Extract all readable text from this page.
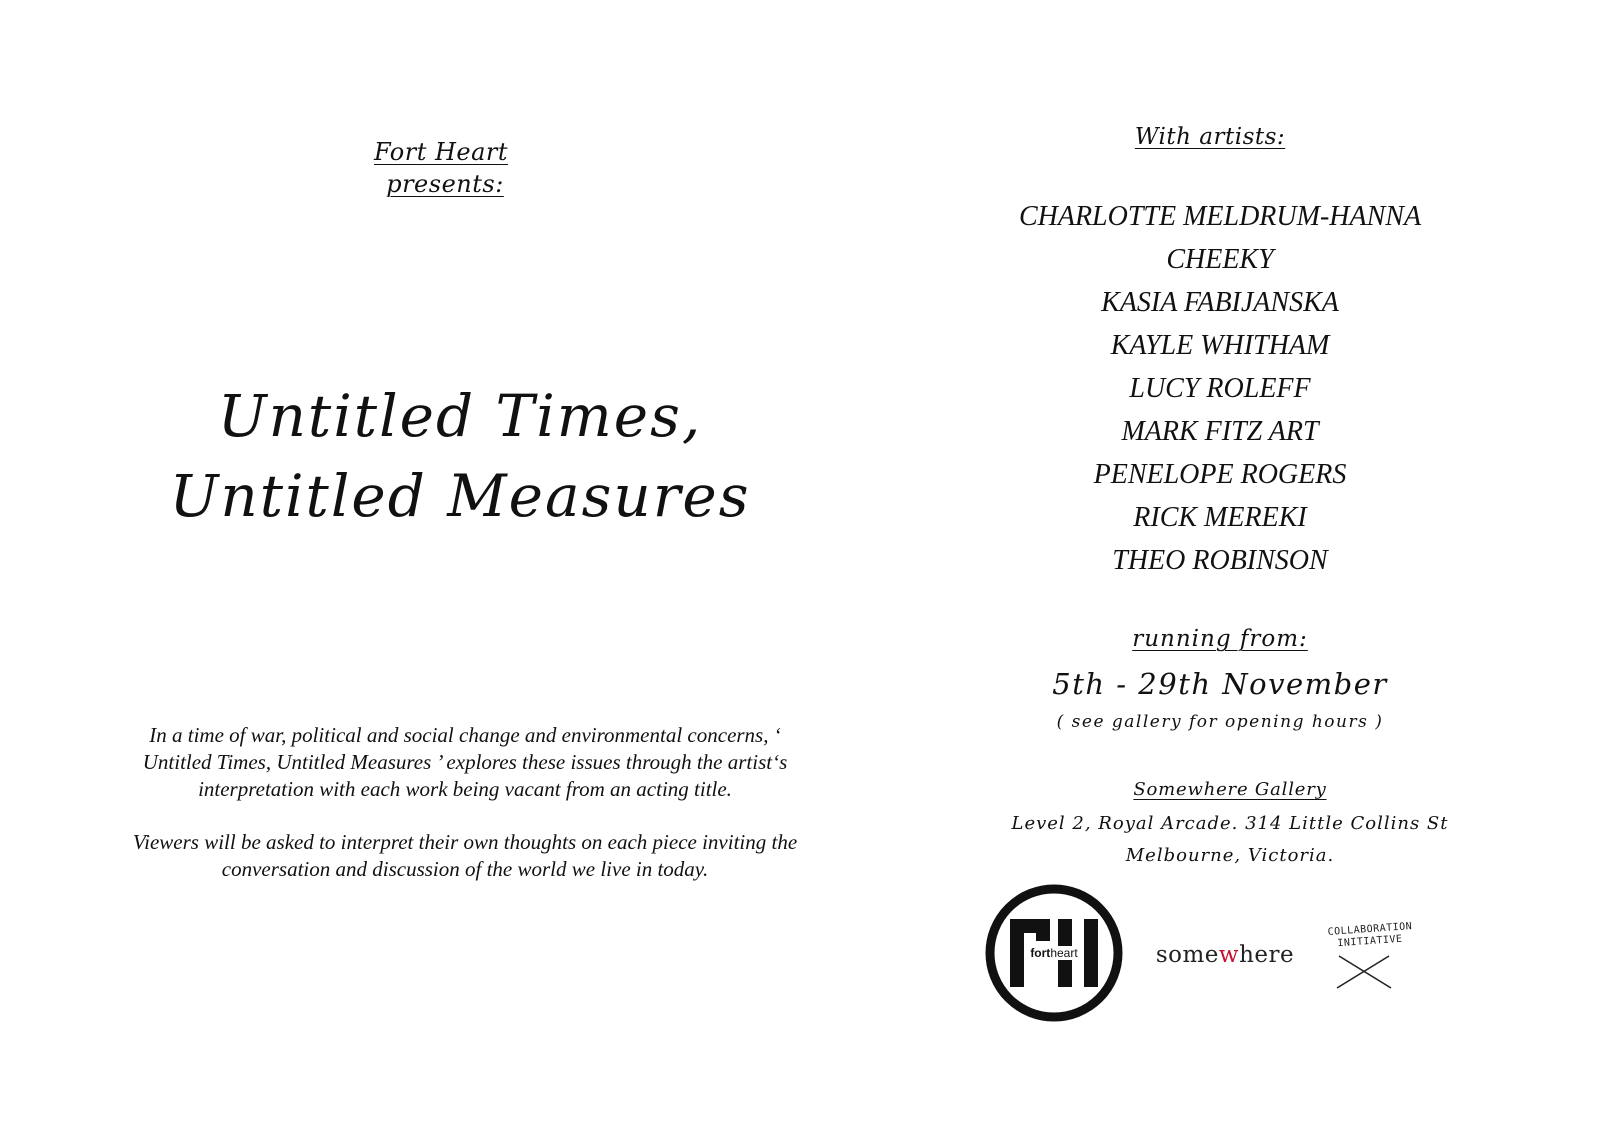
Fort Heart
presents:
Untitled Times,
Untitled Measures

In a time of war, political and social change and environmental concerns, ‘ Untitled Times, Untitled Measures ’ explores these issues through the artist‘s interpretation with each work being vacant from an acting title.

Viewers will be asked to interpret their own thoughts on each piece inviting the conversation and discussion of the world we live in today.

With artists:
CHARLOTTE MELDRUM-HANNA
CHEEKY
KASIA FABIJANSKA
KAYLE WHITHAM
LUCY ROLEFF
MARK FITZ ART
PENELOPE ROGERS
RICK MEREKI
THEO ROBINSON
running from:
5th - 29th November
( see gallery for opening hours )
Somewhere Gallery
Level 2, Royal Arcade. 314 Little Collins St
Melbourne, Victoria.
fortheart	somewhere
COLLABORATION
INITIATIVE
